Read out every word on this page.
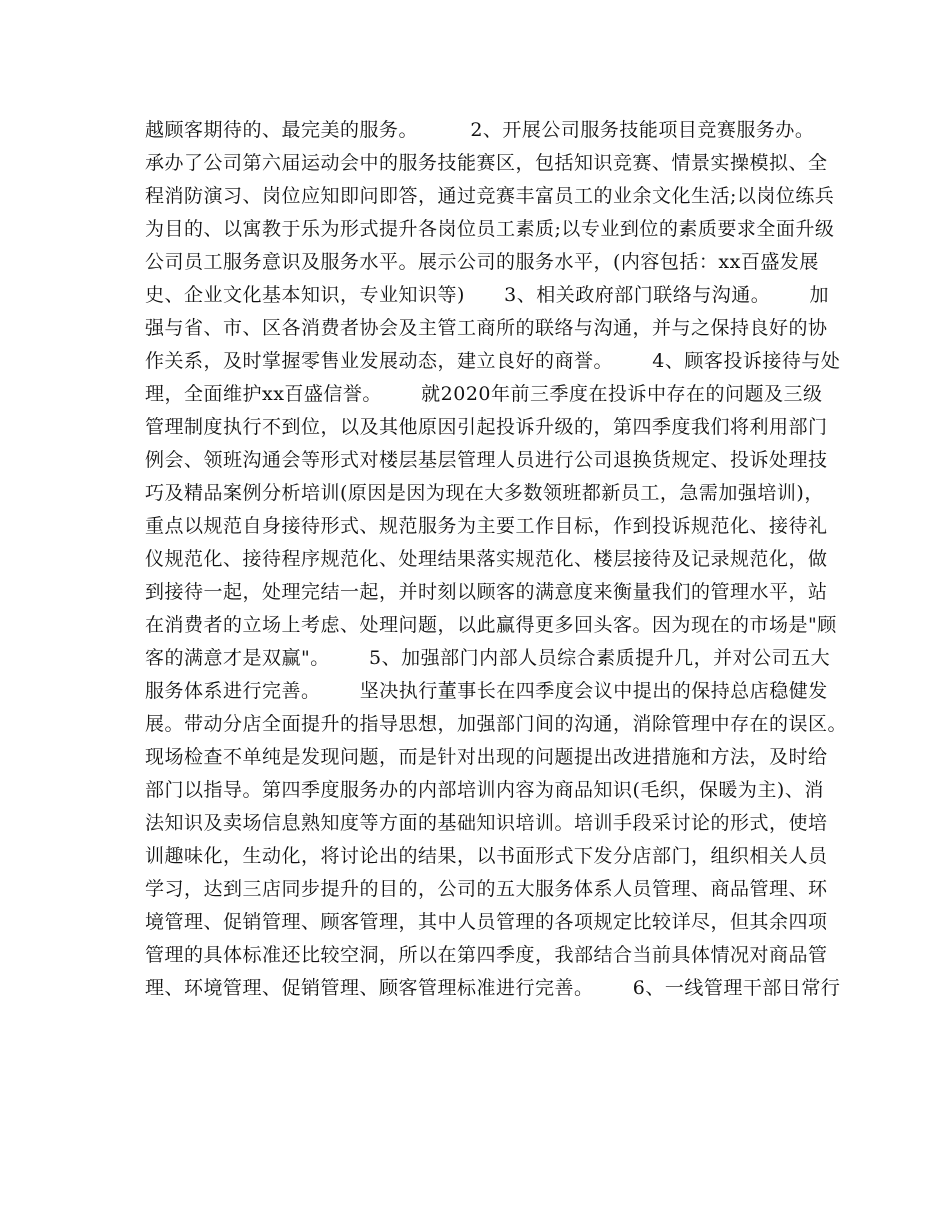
越顾客期待的、最完美的服务。        2、开展公司服务技能项目竞赛服务办。
承办了公司第六届运动会中的服务技能赛区，包括知识竞赛、情景实操模拟、全
程消防演习、岗位应知即问即答，通过竞赛丰富员工的业余文化生活;以岗位练兵
为目的、以寓教于乐为形式提升各岗位员工素质;以专业到位的素质要求全面升级
公司员工服务意识及服务水平。展示公司的服务水平，(内容包括：xx百盛发展
史、企业文化基本知识，专业知识等)      3、相关政府部门联络与沟通。      加
强与省、市、区各消费者协会及主管工商所的联络与沟通，并与之保持良好的协
作关系，及时掌握零售业发展动态，建立良好的商誉。      4、顾客投诉接待与处
理，全面维护xx百盛信誉。      就2020年前三季度在投诉中存在的问题及三级
管理制度执行不到位，以及其他原因引起投诉升级的，第四季度我们将利用部门
例会、领班沟通会等形式对楼层基层管理人员进行公司退换货规定、投诉处理技
巧及精品案例分析培训(原因是因为现在大多数领班都新员工，急需加强培训)，
重点以规范自身接待形式、规范服务为主要工作目标，作到投诉规范化、接待礼
仪规范化、接待程序规范化、处理结果落实规范化、楼层接待及记录规范化，做
到接待一起，处理完结一起，并时刻以顾客的满意度来衡量我们的管理水平，站
在消费者的立场上考虑、处理问题，以此赢得更多回头客。因为现在的市场是"顾
客的满意才是双赢"。      5、加强部门内部人员综合素质提升几，并对公司五大
服务体系进行完善。      坚决执行董事长在四季度会议中提出的保持总店稳健发
展。带动分店全面提升的指导思想，加强部门间的沟通，消除管理中存在的误区。
现场检查不单纯是发现问题，而是针对出现的问题提出改进措施和方法，及时给
部门以指导。第四季度服务办的内部培训内容为商品知识(毛织，保暖为主)、消
法知识及卖场信息熟知度等方面的基础知识培训。培训手段采讨论的形式，使培
训趣味化，生动化，将讨论出的结果，以书面形式下发分店部门，组织相关人员
学习，达到三店同步提升的目的，公司的五大服务体系人员管理、商品管理、环
境管理、促销管理、顾客管理，其中人员管理的各项规定比较详尽，但其余四项
管理的具体标准还比较空洞，所以在第四季度，我部结合当前具体情况对商品管
理、环境管理、促销管理、顾客管理标准进行完善。      6、一线管理干部日常行
